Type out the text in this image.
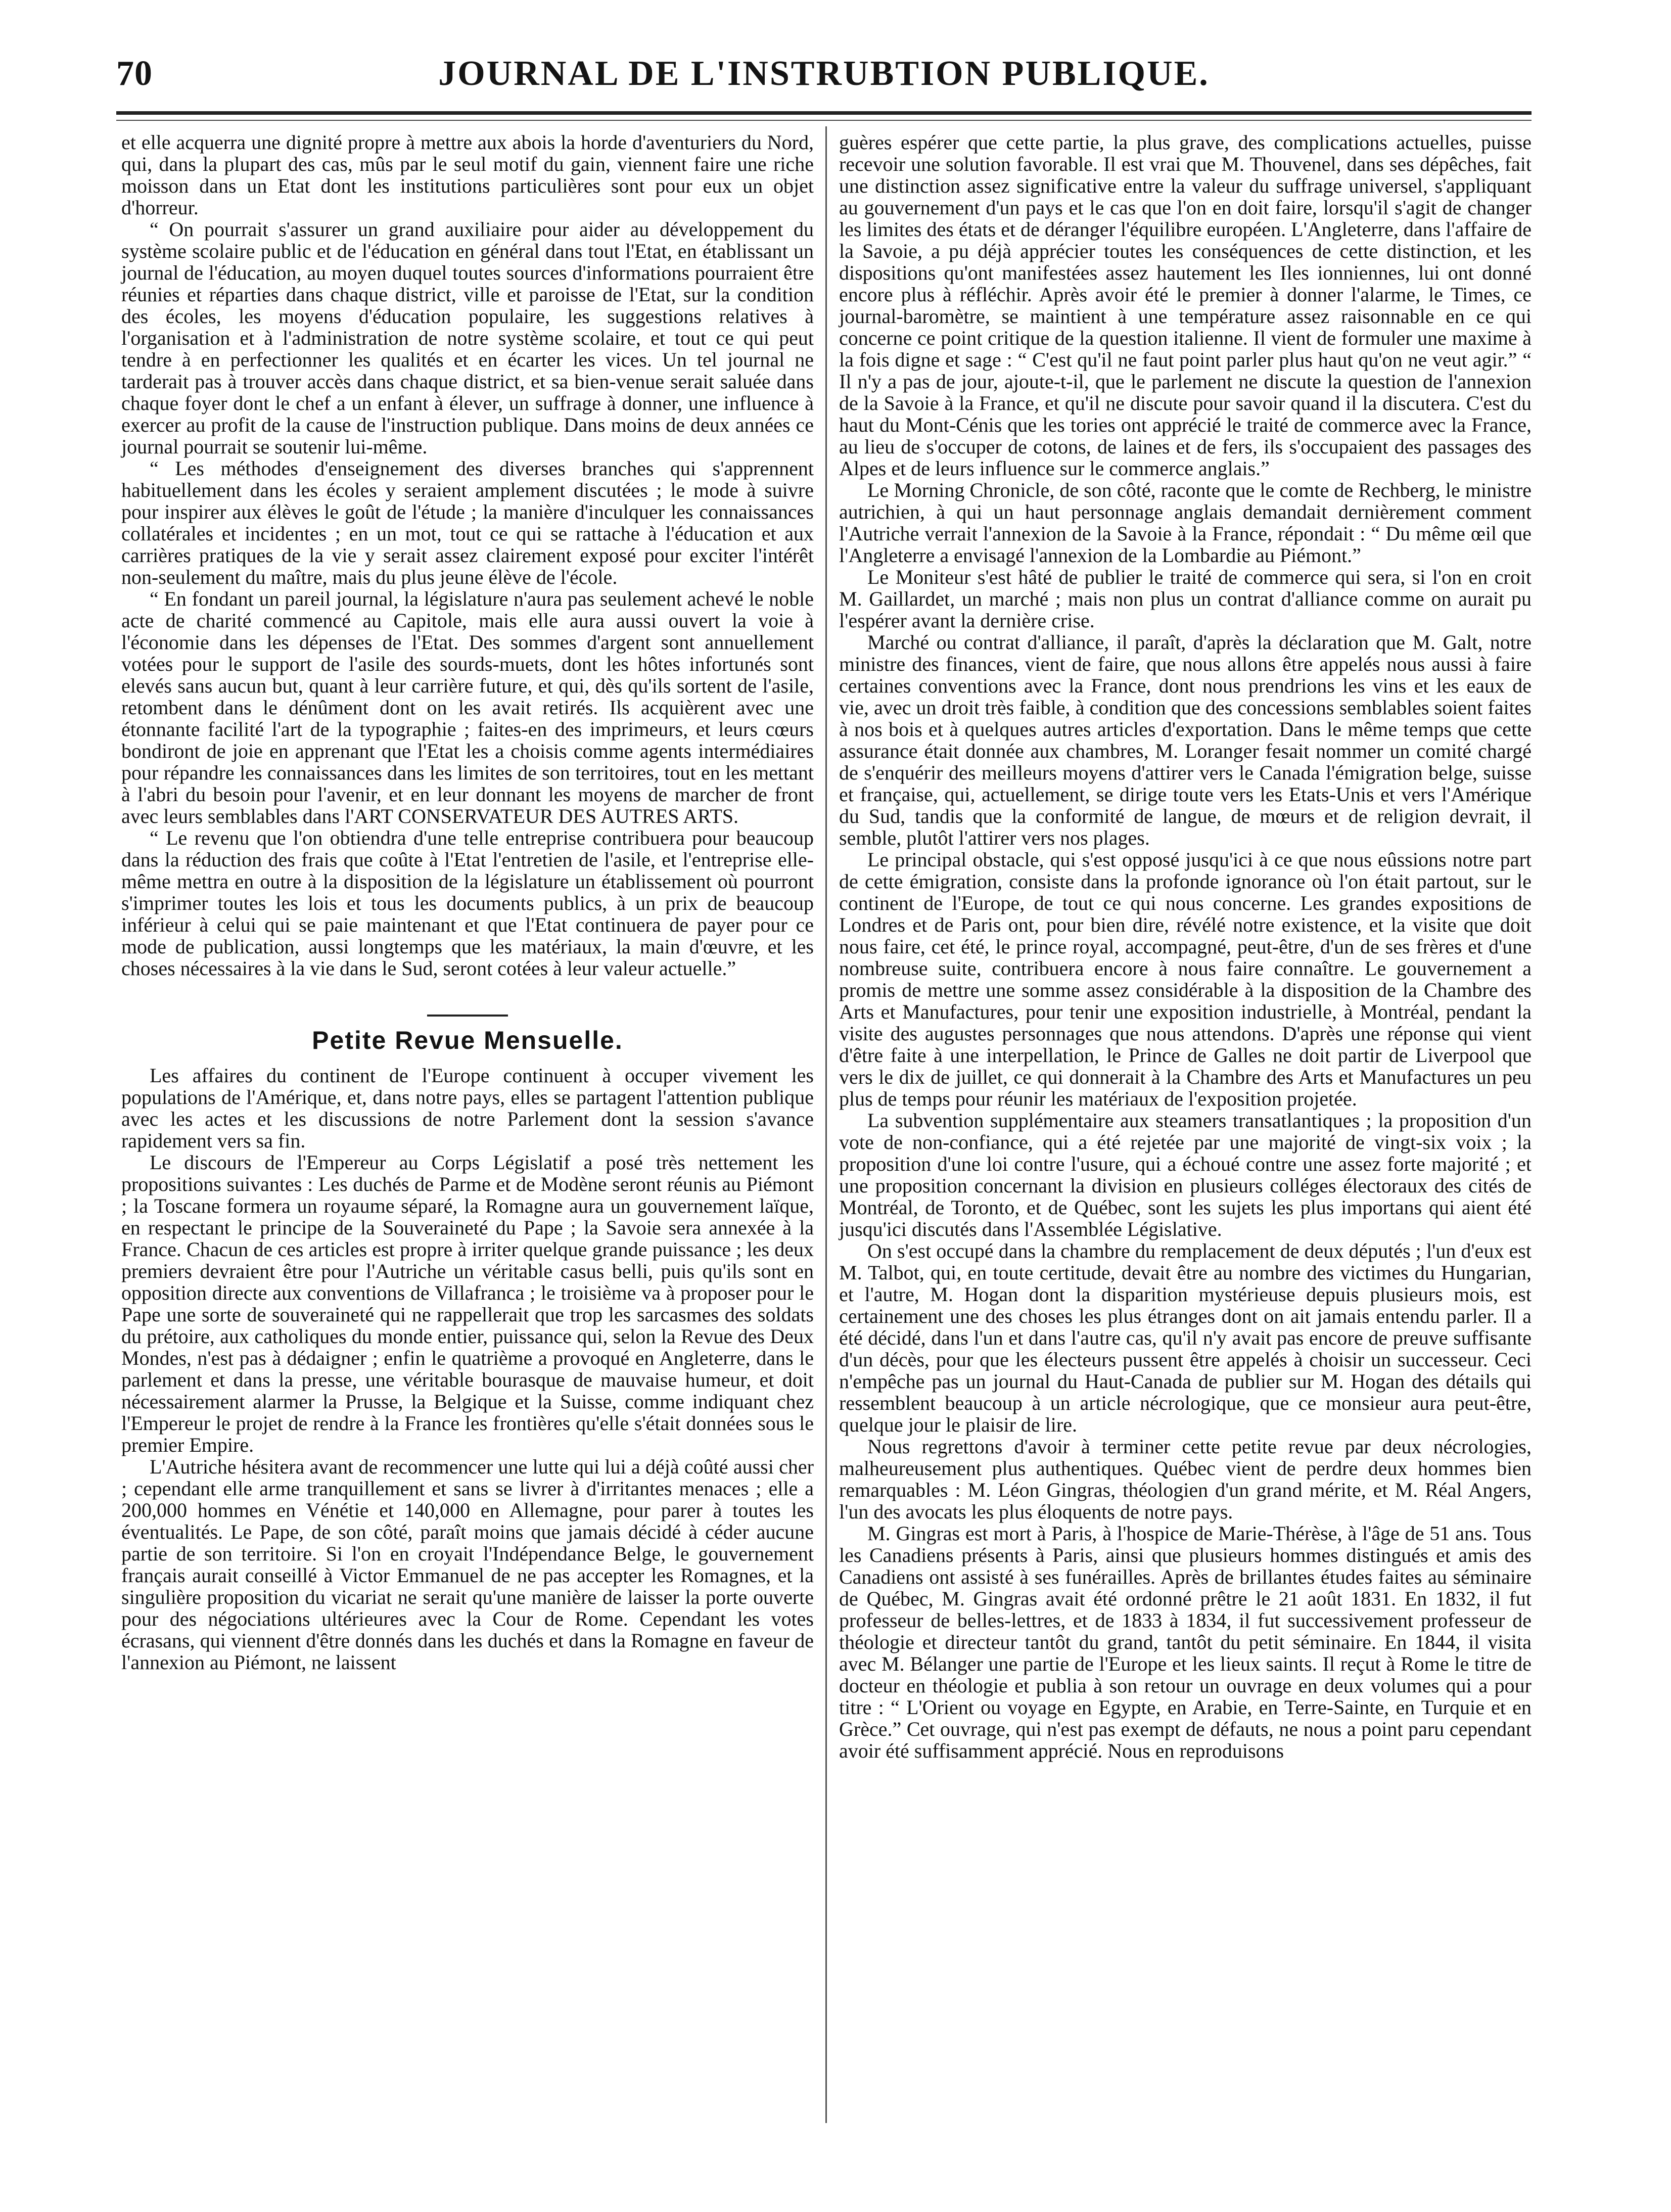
70	JOURNAL DE L'INSTRUBTION PUBLIQUE.

et elle acquerra une dignité propre à mettre aux abois la horde d'aventuriers du Nord, qui, dans la plupart des cas, mûs par le seul motif du gain, viennent faire une riche moisson dans un Etat dont les institutions particulières sont pour eux un objet d'horreur.

“ On pourrait s'assurer un grand auxiliaire pour aider au développement du système scolaire public et de l'éducation en général dans tout l'Etat, en établissant un journal de l'éducation, au moyen duquel toutes sources d'informations pourraient être réunies et réparties dans chaque district, ville et paroisse de l'Etat, sur la condition des écoles, les moyens d'éducation populaire, les suggestions relatives à l'organisation et à l'administration de notre système scolaire, et tout ce qui peut tendre à en perfectionner les qualités et en écarter les vices. Un tel journal ne tarderait pas à trouver accès dans chaque district, et sa bien-venue serait saluée dans chaque foyer dont le chef a un enfant à élever, un suffrage à donner, une influence à exercer au profit de la cause de l'instruction publique. Dans moins de deux années ce journal pourrait se soutenir lui-même.

“ Les méthodes d'enseignement des diverses branches qui s'apprennent habituellement dans les écoles y seraient amplement discutées ; le mode à suivre pour inspirer aux élèves le goût de l'étude ; la manière d'inculquer les connaissances collatérales et incidentes ; en un mot, tout ce qui se rattache à l'éducation et aux carrières pratiques de la vie y serait assez clairement exposé pour exciter l'intérêt non-seulement du maître, mais du plus jeune élève de l'école.

“ En fondant un pareil journal, la législature n'aura pas seulement achevé le noble acte de charité commencé au Capitole, mais elle aura aussi ouvert la voie à l'économie dans les dépenses de l'Etat. Des sommes d'argent sont annuellement votées pour le support de l'asile des sourds-muets, dont les hôtes infortunés sont elevés sans aucun but, quant à leur carrière future, et qui, dès qu'ils sortent de l'asile, retombent dans le dénûment dont on les avait retirés. Ils acquièrent avec une étonnante facilité l'art de la typographie ; faites-en des imprimeurs, et leurs cœurs bondiront de joie en apprenant que l'Etat les a choisis comme agents intermédiaires pour répandre les connaissances dans les limites de son territoires, tout en les mettant à l'abri du besoin pour l'avenir, et en leur donnant les moyens de marcher de front avec leurs semblables dans l'ART CONSERVATEUR DES AUTRES ARTS.

“ Le revenu que l'on obtiendra d'une telle entreprise contribuera pour beaucoup dans la réduction des frais que coûte à l'Etat l'entretien de l'asile, et l'entreprise elle-même mettra en outre à la disposition de la législature un établissement où pourront s'imprimer toutes les lois et tous les documents publics, à un prix de beaucoup inférieur à celui qui se paie maintenant et que l'Etat continuera de payer pour ce mode de publication, aussi longtemps que les matériaux, la main d'œuvre, et les choses nécessaires à la vie dans le Sud, seront cotées à leur valeur actuelle.”

Petite Revue Mensuelle.

Les affaires du continent de l'Europe continuent à occuper vivement les populations de l'Amérique, et, dans notre pays, elles se partagent l'attention publique avec les actes et les discussions de notre Parlement dont la session s'avance rapidement vers sa fin.

Le discours de l'Empereur au Corps Législatif a posé très nettement les propositions suivantes : Les duchés de Parme et de Modène seront réunis au Piémont ; la Toscane formera un royaume séparé, la Romagne aura un gouvernement laïque, en respectant le principe de la Souveraineté du Pape ; la Savoie sera annexée à la France. Chacun de ces articles est propre à irriter quelque grande puissance ; les deux premiers devraient être pour l'Autriche un véritable casus belli, puis qu'ils sont en opposition directe aux conventions de Villafranca ; le troisième va à proposer pour le Pape une sorte de souveraineté qui ne rappellerait que trop les sarcasmes des soldats du prétoire, aux catholiques du monde entier, puissance qui, selon la Revue des Deux Mondes, n'est pas à dédaigner ; enfin le quatrième a provoqué en Angleterre, dans le parlement et dans la presse, une véritable bourasque de mauvaise humeur, et doit nécessairement alarmer la Prusse, la Belgique et la Suisse, comme indiquant chez l'Empereur le projet de rendre à la France les frontières qu'elle s'était données sous le premier Empire.

L'Autriche hésitera avant de recommencer une lutte qui lui a déjà coûté aussi cher ; cependant elle arme tranquillement et sans se livrer à d'irritantes menaces ; elle a 200,000 hommes en Vénétie et 140,000 en Allemagne, pour parer à toutes les éventualités. Le Pape, de son côté, paraît moins que jamais décidé à céder aucune partie de son territoire. Si l'on en croyait l'Indépendance Belge, le gouvernement français aurait conseillé à Victor Emmanuel de ne pas accepter les Romagnes, et la singulière proposition du vicariat ne serait qu'une manière de laisser la porte ouverte pour des négociations ultérieures avec la Cour de Rome. Cependant les votes écrasans, qui viennent d'être donnés dans les duchés et dans la Romagne en faveur de l'annexion au Piémont, ne laissent

guères espérer que cette partie, la plus grave, des complications actuelles, puisse recevoir une solution favorable. Il est vrai que M. Thouvenel, dans ses dépêches, fait une distinction assez significative entre la valeur du suffrage universel, s'appliquant au gouvernement d'un pays et le cas que l'on en doit faire, lorsqu'il s'agit de changer les limites des états et de déranger l'équilibre européen. L'Angleterre, dans l'affaire de la Savoie, a pu déjà apprécier toutes les conséquences de cette distinction, et les dispositions qu'ont manifestées assez hautement les Iles ionniennes, lui ont donné encore plus à réfléchir. Après avoir été le premier à donner l'alarme, le Times, ce journal-baromètre, se maintient à une température assez raisonnable en ce qui concerne ce point critique de la question italienne. Il vient de formuler une maxime à la fois digne et sage : “ C'est qu'il ne faut point parler plus haut qu'on ne veut agir.” “ Il n'y a pas de jour, ajoute-t-il, que le parlement ne discute la question de l'annexion de la Savoie à la France, et qu'il ne discute pour savoir quand il la discutera. C'est du haut du Mont-Cénis que les tories ont apprécié le traité de commerce avec la France, au lieu de s'occuper de cotons, de laines et de fers, ils s'occupaient des passages des Alpes et de leurs influence sur le commerce anglais.”

Le Morning Chronicle, de son côté, raconte que le comte de Rechberg, le ministre autrichien, à qui un haut personnage anglais demandait dernièrement comment l'Autriche verrait l'annexion de la Savoie à la France, répondait : “ Du même œil que l'Angleterre a envisagé l'annexion de la Lombardie au Piémont.”

Le Moniteur s'est hâté de publier le traité de commerce qui sera, si l'on en croit M. Gaillardet, un marché ; mais non plus un contrat d'alliance comme on aurait pu l'espérer avant la dernière crise.

Marché ou contrat d'alliance, il paraît, d'après la déclaration que M. Galt, notre ministre des finances, vient de faire, que nous allons être appelés nous aussi à faire certaines conventions avec la France, dont nous prendrions les vins et les eaux de vie, avec un droit très faible, à condition que des concessions semblables soient faites à nos bois et à quelques autres articles d'exportation. Dans le même temps que cette assurance était donnée aux chambres, M. Loranger fesait nommer un comité chargé de s'enquérir des meilleurs moyens d'attirer vers le Canada l'émigration belge, suisse et française, qui, actuellement, se dirige toute vers les Etats-Unis et vers l'Amérique du Sud, tandis que la conformité de langue, de mœurs et de religion devrait, il semble, plutôt l'attirer vers nos plages.

Le principal obstacle, qui s'est opposé jusqu'ici à ce que nous eûssions notre part de cette émigration, consiste dans la profonde ignorance où l'on était partout, sur le continent de l'Europe, de tout ce qui nous concerne. Les grandes expositions de Londres et de Paris ont, pour bien dire, révélé notre existence, et la visite que doit nous faire, cet été, le prince royal, accompagné, peut-être, d'un de ses frères et d'une nombreuse suite, contribuera encore à nous faire connaître. Le gouvernement a promis de mettre une somme assez considérable à la disposition de la Chambre des Arts et Manufactures, pour tenir une exposition industrielle, à Montréal, pendant la visite des augustes personnages que nous attendons. D'après une réponse qui vient d'être faite à une interpellation, le Prince de Galles ne doit partir de Liverpool que vers le dix de juillet, ce qui donnerait à la Chambre des Arts et Manufactures un peu plus de temps pour réunir les matériaux de l'exposition projetée.

La subvention supplémentaire aux steamers transatlantiques ; la proposition d'un vote de non-confiance, qui a été rejetée par une majorité de vingt-six voix ; la proposition d'une loi contre l'usure, qui a échoué contre une assez forte majorité ; et une proposition concernant la division en plusieurs colléges électoraux des cités de Montréal, de Toronto, et de Québec, sont les sujets les plus importans qui aient été jusqu'ici discutés dans l'Assemblée Législative.

On s'est occupé dans la chambre du remplacement de deux députés ; l'un d'eux est M. Talbot, qui, en toute certitude, devait être au nombre des victimes du Hungarian, et l'autre, M. Hogan dont la disparition mystérieuse depuis plusieurs mois, est certainement une des choses les plus étranges dont on ait jamais entendu parler. Il a été décidé, dans l'un et dans l'autre cas, qu'il n'y avait pas encore de preuve suffisante d'un décès, pour que les électeurs pussent être appelés à choisir un successeur. Ceci n'empêche pas un journal du Haut-Canada de publier sur M. Hogan des détails qui ressemblent beaucoup à un article nécrologique, que ce monsieur aura peut-être, quelque jour le plaisir de lire.

Nous regrettons d'avoir à terminer cette petite revue par deux nécrologies, malheureusement plus authentiques. Québec vient de perdre deux hommes bien remarquables : M. Léon Gingras, théologien d'un grand mérite, et M. Réal Angers, l'un des avocats les plus éloquents de notre pays.

M. Gingras est mort à Paris, à l'hospice de Marie-Thérèse, à l'âge de 51 ans. Tous les Canadiens présents à Paris, ainsi que plusieurs hommes distingués et amis des Canadiens ont assisté à ses funérailles. Après de brillantes études faites au séminaire de Québec, M. Gingras avait été ordonné prêtre le 21 août 1831. En 1832, il fut professeur de belles-lettres, et de 1833 à 1834, il fut successivement professeur de théologie et directeur tantôt du grand, tantôt du petit séminaire. En 1844, il visita avec M. Bélanger une partie de l'Europe et les lieux saints. Il reçut à Rome le titre de docteur en théologie et publia à son retour un ouvrage en deux volumes qui a pour titre : “ L'Orient ou voyage en Egypte, en Arabie, en Terre-Sainte, en Turquie et en Grèce.” Cet ouvrage, qui n'est pas exempt de défauts, ne nous a point paru cependant avoir été suffisamment apprécié. Nous en reproduisons
